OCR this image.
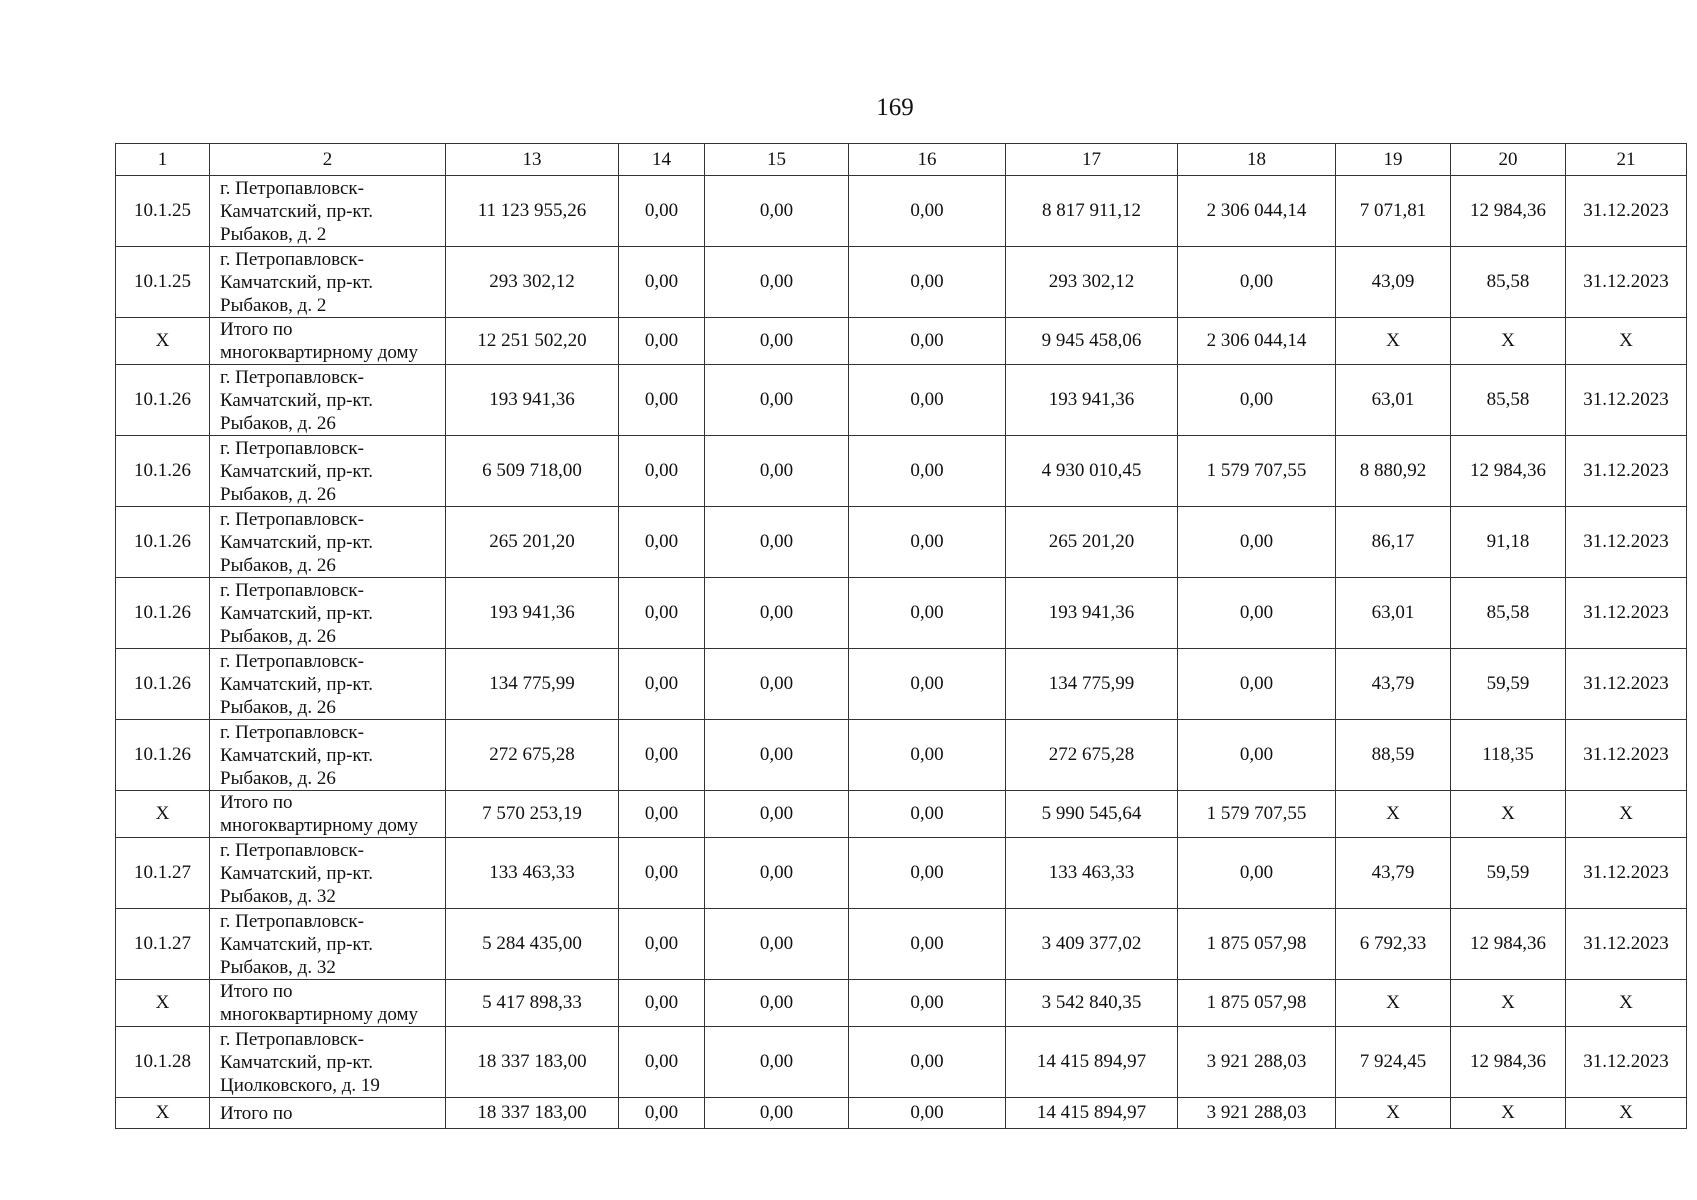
169
1	2	13	14	15	16	17	18	19	20	21
10.1.25	г. Петропавловск-
Камчатский, пр-кт.
Рыбаков, д. 2	11 123 955,26	0,00	0,00	0,00	8 817 911,12	2 306 044,14	7 071,81	12 984,36	31.12.2023
10.1.25	г. Петропавловск-
Камчатский, пр-кт.
Рыбаков, д. 2	293 302,12	0,00	0,00	0,00	293 302,12	0,00	43,09	85,58	31.12.2023
Х	Итого по
многоквартирному дому	12 251 502,20	0,00	0,00	0,00	9 945 458,06	2 306 044,14	Х	Х	Х
10.1.26	г. Петропавловск-
Камчатский, пр-кт.
Рыбаков, д. 26	193 941,36	0,00	0,00	0,00	193 941,36	0,00	63,01	85,58	31.12.2023
10.1.26	г. Петропавловск-
Камчатский, пр-кт.
Рыбаков, д. 26	6 509 718,00	0,00	0,00	0,00	4 930 010,45	1 579 707,55	8 880,92	12 984,36	31.12.2023
10.1.26	г. Петропавловск-
Камчатский, пр-кт.
Рыбаков, д. 26	265 201,20	0,00	0,00	0,00	265 201,20	0,00	86,17	91,18	31.12.2023
10.1.26	г. Петропавловск-
Камчатский, пр-кт.
Рыбаков, д. 26	193 941,36	0,00	0,00	0,00	193 941,36	0,00	63,01	85,58	31.12.2023
10.1.26	г. Петропавловск-
Камчатский, пр-кт.
Рыбаков, д. 26	134 775,99	0,00	0,00	0,00	134 775,99	0,00	43,79	59,59	31.12.2023
10.1.26	г. Петропавловск-
Камчатский, пр-кт.
Рыбаков, д. 26	272 675,28	0,00	0,00	0,00	272 675,28	0,00	88,59	118,35	31.12.2023
Х	Итого по
многоквартирному дому	7 570 253,19	0,00	0,00	0,00	5 990 545,64	1 579 707,55	Х	Х	Х
10.1.27	г. Петропавловск-
Камчатский, пр-кт.
Рыбаков, д. 32	133 463,33	0,00	0,00	0,00	133 463,33	0,00	43,79	59,59	31.12.2023
10.1.27	г. Петропавловск-
Камчатский, пр-кт.
Рыбаков, д. 32	5 284 435,00	0,00	0,00	0,00	3 409 377,02	1 875 057,98	6 792,33	12 984,36	31.12.2023
Х	Итого по
многоквартирному дому	5 417 898,33	0,00	0,00	0,00	3 542 840,35	1 875 057,98	Х	Х	Х
10.1.28	г. Петропавловск-
Камчатский, пр-кт.
Циолковского, д. 19	18 337 183,00	0,00	0,00	0,00	14 415 894,97	3 921 288,03	7 924,45	12 984,36	31.12.2023
Х	Итого по	18 337 183,00	0,00	0,00	0,00	14 415 894,97	3 921 288,03	Х	Х	Х
